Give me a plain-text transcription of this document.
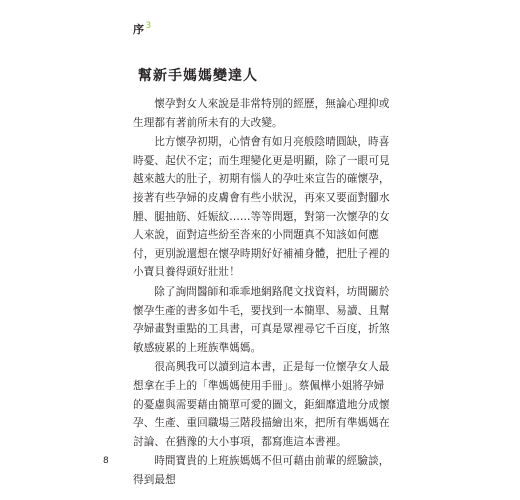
序$^3$
幫新手媽媽變達人

懷孕對女人來說是非常特別的經歷，無論心理抑或生理都有著前所未有的大改變。

比方懷孕初期，心情會有如月亮般陰晴圓缺，時喜時憂、起伏不定；而生理變化更是明顯，除了一眼可見越來越大的肚子，初期有惱人的孕吐來宣告的確懷孕，接著有些孕婦的皮膚會有些小狀況，再來又要面對腳水腫、腿抽筋、妊娠紋……等等問題，對第一次懷孕的女人來說，面對這些紛至沓來的小問題真不知該如何應付，更別說還想在懷孕時期好好補補身體，把肚子裡的小寶貝養得頭好壯壯！

除了詢問醫師和乖乖地網路爬文找資料，坊間關於懷孕生產的書多如牛毛，要找到一本簡單、易讀、且幫孕婦畫對重點的工具書，可真是眾裡尋它千百度，折煞敏感疲累的上班族準媽媽。

很高興我可以讀到這本書，正是每一位懷孕女人最想拿在手上的「準媽媽使用手冊」。蔡佩樺小姐將孕婦的憂慮與需要藉由簡單可愛的圖文，鉅細靡遺地分成懷孕、生產、重回職場三階段描繪出來，把所有準媽媽在討論、在猶豫的大小事項，都寫進這本書裡。

時間寶貴的上班族媽媽不但可藉由前輩的經驗談，得到最想

8
